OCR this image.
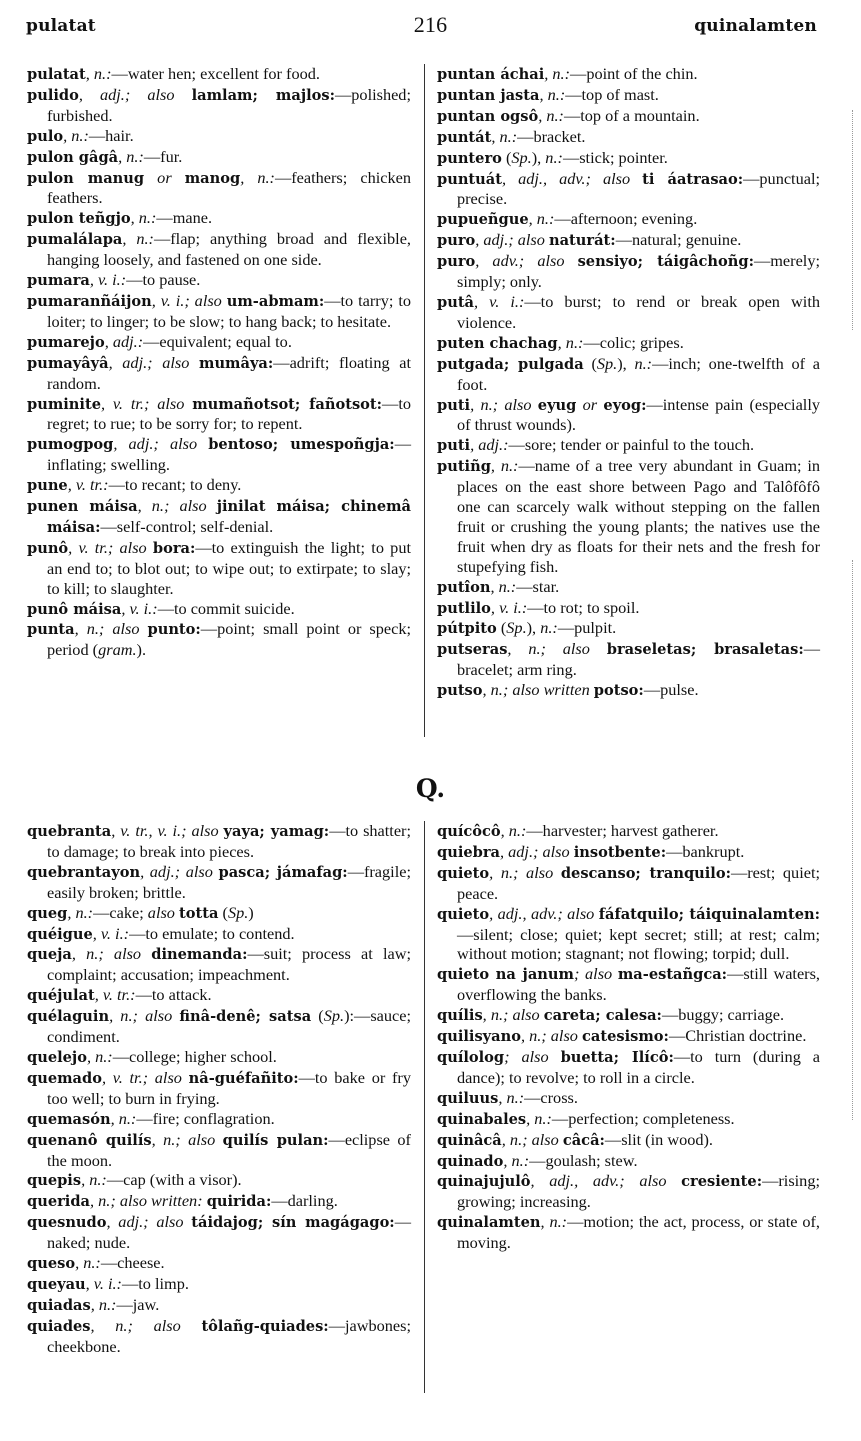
pulatat	216	quinalamten

pulatat, n.:—water hen; excellent for food.

pulido, adj.; also lamlam; majlos:—polished; furbished.

pulo, n.:—hair.

pulon gâgâ, n.:—fur.

pulon manug or manog, n.:—feathers; chicken feathers.

pulon teñgjo, n.:—mane.

pumalálapa, n.:—flap; anything broad and flexible, hanging loosely, and fastened on one side.

pumara, v. i.:—to pause.

pumaranñáijon, v. i.; also um-abmam:—to tarry; to loiter; to linger; to be slow; to hang back; to hesitate.

pumarejo, adj.:—equivalent; equal to.

pumayâyâ, adj.; also mumâya:—adrift; floating at random.

puminite, v. tr.; also mumañotsot; fañotsot:—to regret; to rue; to be sorry for; to repent.

pumogpog, adj.; also bentoso; umespoñgja:—inflating; swelling.

pune, v. tr.:—to recant; to deny.

punen máisa, n.; also jinilat máisa; chinemâ máisa:—self-control; self-denial.

punô, v. tr.; also bora:—to extinguish the light; to put an end to; to blot out; to wipe out; to extirpate; to slay; to kill; to slaughter.

punô máisa, v. i.:—to commit suicide.

punta, n.; also punto:—point; small point or speck; period (gram.).

puntan áchai, n.:—point of the chin.

puntan jasta, n.:—top of mast.

puntan ogsô, n.:—top of a mountain.

puntát, n.:—bracket.

puntero (Sp.), n.:—stick; pointer.

puntuát, adj., adv.; also ti áatrasao:—punctual; precise.

pupueñgue, n.:—afternoon; evening.

puro, adj.; also naturát:—natural; genuine.

puro, adv.; also sensiyo; táigâchoñg:—merely; simply; only.

putâ, v. i.:—to burst; to rend or break open with violence.

puten chachag, n.:—colic; gripes.

putgada; pulgada (Sp.), n.:—inch; one-twelfth of a foot.

puti, n.; also eyug or eyog:—intense pain (especially of thrust wounds).

puti, adj.:—sore; tender or painful to the touch.

putiñg, n.:—name of a tree very abundant in Guam; in places on the east shore between Pago and Talôfôfô one can scarcely walk without stepping on the fallen fruit or crushing the young plants; the natives use the fruit when dry as floats for their nets and the fresh for stupefying fish.

putîon, n.:—star.

putlilo, v. i.:—to rot; to spoil.

pútpito (Sp.), n.:—pulpit.

putseras, n.; also braseletas; brasaletas:—bracelet; arm ring.

putso, n.; also written potso:—pulse.

Q.

quebranta, v. tr., v. i.; also yaya; yamag:—to shatter; to damage; to break into pieces.

quebrantayon, adj.; also pasca; jámafag:—fragile; easily broken; brittle.

queg, n.:—cake; also totta (Sp.)

quéigue, v. i.:—to emulate; to contend.

queja, n.; also dinemanda:—suit; process at law; complaint; accusation; impeachment.

quéjulat, v. tr.:—to attack.

quélaguin, n.; also finâ-denê; satsa (Sp.):—sauce; condiment.

quelejo, n.:—college; higher school.

quemado, v. tr.; also nâ-guéfañito:—to bake or fry too well; to burn in frying.

quemasón, n.:—fire; conflagration.

quenanô quilís, n.; also quilís pulan:—eclipse of the moon.

quepis, n.:—cap (with a visor).

querida, n.; also written: quirida:—darling.

quesnudo, adj.; also táidajog; sín magágago:—naked; nude.

queso, n.:—cheese.

queyau, v. i.:—to limp.

quiadas, n.:—jaw.

quiades, n.; also tôlañg-quiades:—jawbones; cheekbone.

quícôcô, n.:—harvester; harvest gatherer.

quiebra, adj.; also insotbente:—bankrupt.

quieto, n.; also descanso; tranquilo:—rest; quiet; peace.

quieto, adj., adv.; also fáfatquilo; táiquinalamten:—silent; close; quiet; kept secret; still; at rest; calm; without motion; stagnant; not flowing; torpid; dull.

quieto na janum; also ma-estañgca:—still waters, overflowing the banks.

quílis, n.; also careta; calesa:—buggy; carriage.

quilisyano, n.; also catesismo:—Christian doctrine.

quílolog; also buetta; Ilícô:—to turn (during a dance); to revolve; to roll in a circle.

quiluus, n.:—cross.

quinabales, n.:—perfection; completeness.

quinâcâ, n.; also câcâ:—slit (in wood).

quinado, n.:—goulash; stew.

quinajujulô, adj., adv.; also cresiente:—rising; growing; increasing.

quinalamten, n.:—motion; the act, process, or state of, moving.
